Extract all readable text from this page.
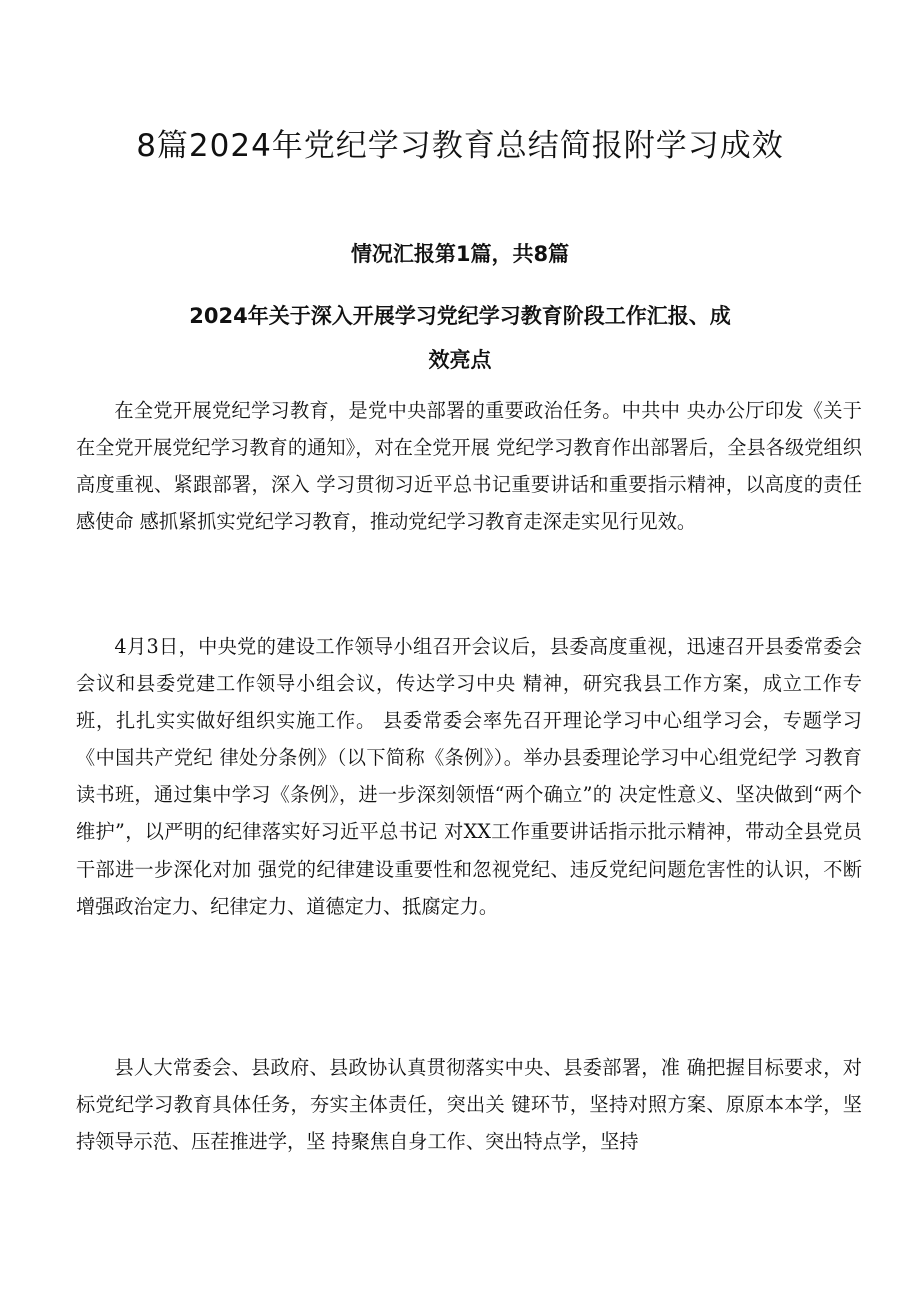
8篇2024年党纪学习教育总结简报附学习成效
情况汇报第1篇，共8篇
2024年关于深入开展学习党纪学习教育阶段工作汇报、成
效亮点

在全党开展党纪学习教育，是党中央部署的重要政治任务。中共中 央办公厅印发《关于在全党开展党纪学习教育的通知》，对在全党开展 党纪学习教育作出部署后，全县各级党组织高度重视、紧跟部署，深入 学习贯彻习近平总书记重要讲话和重要指示精神，以高度的责任感使命 感抓紧抓实党纪学习教育，推动党纪学习教育走深走实见行见效。

4月3日，中央党的建设工作领导小组召开会议后，县委高度重视，迅速召开县委常委会会议和县委党建工作领导小组会议，传达学习中央 精神，研究我县工作方案，成立工作专班，扎扎实实做好组织实施工作。 县委常委会率先召开理论学习中心组学习会，专题学习《中国共产党纪 律处分条例》（以下简称《条例》）。举办县委理论学习中心组党纪学 习教育读书班，通过集中学习《条例》，进一步深刻领悟“两个确立”的 决定性意义、坚决做到“两个维护”，以严明的纪律落实好习近平总书记 对XX工作重要讲话指示批示精神，带动全县党员干部进一步深化对加 强党的纪律建设重要性和忽视党纪、违反党纪问题危害性的认识，不断 增强政治定力、纪律定力、道德定力、抵腐定力。

县人大常委会、县政府、县政协认真贯彻落实中央、县委部署，准 确把握目标要求，对标党纪学习教育具体任务，夯实主体责任，突出关 键环节，坚持对照方案、原原本本学，坚持领导示范、压茬推进学，坚 持聚焦自身工作、突出特点学，坚持
